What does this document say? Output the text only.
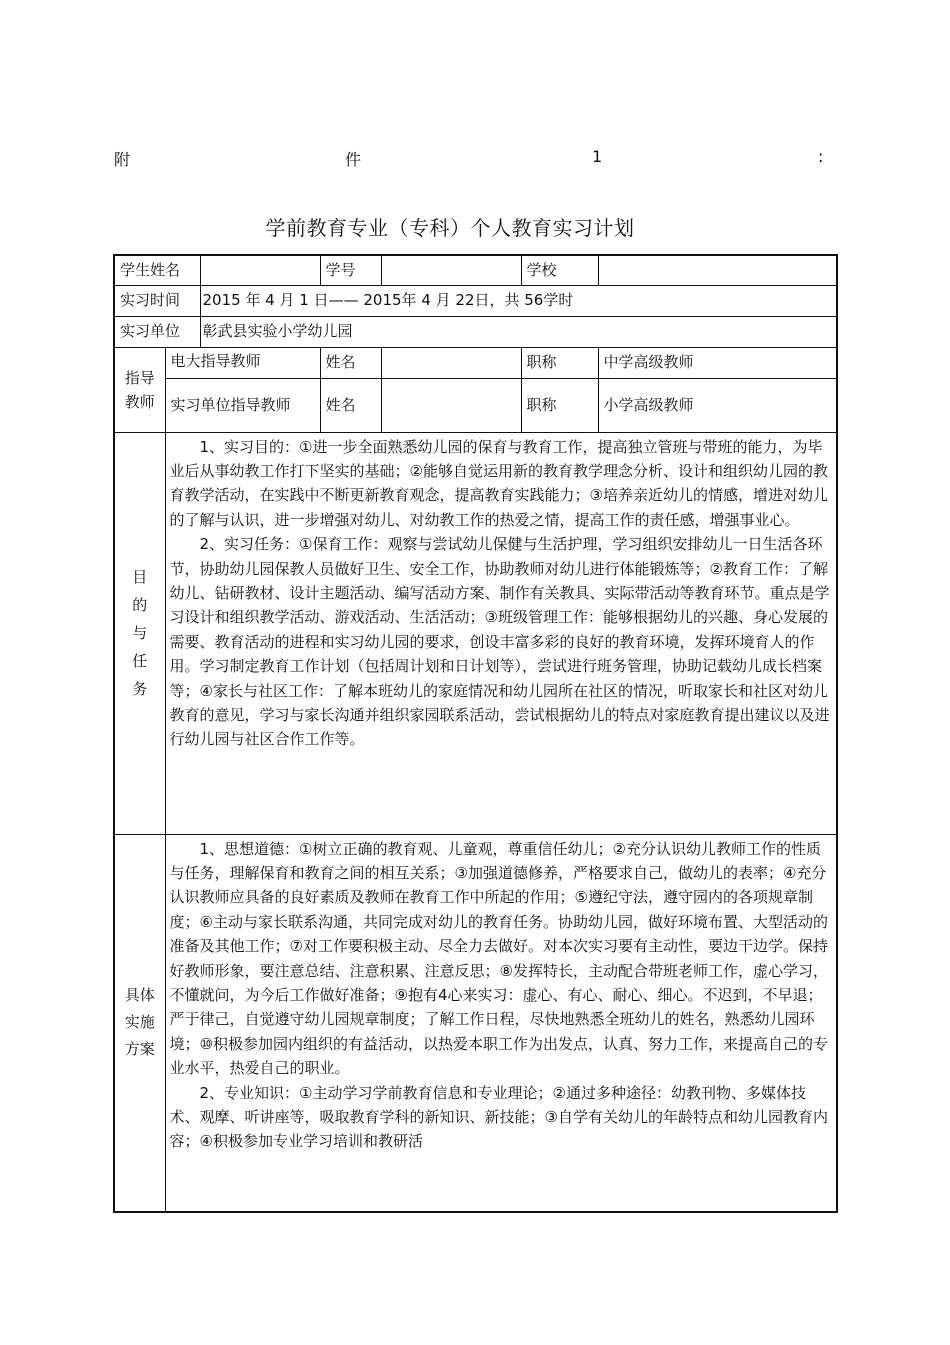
附	件	1	:
学前教育专业（专科）个人教育实习计划
学生姓名			学号		学校	
实习时间		2015 年 4 月 1 日—— 2015年 4 月 22日，共 56学时				
实习单位		彰武县实验小学幼儿园				

指导教师	电大指导教师		姓名		职称	中学高级教师

	实习单位指导教师		姓名		职称	小学高级教师

目的与任务	1、实习目的：①进一步全面熟悉幼儿园的保育与教育工作，提高独立管班与带班的能力，为毕业后从事幼教工作打下坚实的基础；②能够自觉运用新的教育教学理念分析、设计和组织幼儿园的教育教学活动，在实践中不断更新教育观念，提高教育实践能力；③培养亲近幼儿的情感，增进对幼儿的了解与认识，进一步增强对幼儿、对幼教工作的热爱之情，提高工作的责任感，增强事业心。

2、实习任务：①保育工作：观察与尝试幼儿保健与生活护理，学习组织安排幼儿一日生活各环节，协助幼儿园保教人员做好卫生、安全工作，协助教师对幼儿进行体能锻炼等；②教育工作：了解幼儿、钻研教材、设计主题活动、编写活动方案、制作有关教具、实际带活动等教育环节。重点是学习设计和组织教学活动、游戏活动、生活活动；③班级管理工作：能够根据幼儿的兴趣、身心发展的需要、教育活动的进程和实习幼儿园的要求，创设丰富多彩的良好的教育环境，发挥环境育人的作用。学习制定教育工作计划（包括周计划和日计划等），尝试进行班务管理，协助记载幼儿成长档案等；④家长与社区工作：了解本班幼儿的家庭情况和幼儿园所在社区的情况，听取家长和社区对幼儿教育的意见，学习与家长沟通并组织家园联系活动，尝试根据幼儿的特点对家庭教育提出建议以及进行幼儿园与社区合作工作等。					

具体实施方案	1、思想道德：①树立正确的教育观、儿童观，尊重信任幼儿；②充分认识幼儿教师工作的性质与任务，理解保育和教育之间的相互关系；③加强道德修养，严格要求自己，做幼儿的表率；④充分认识教师应具备的良好素质及教师在教育工作中所起的作用；⑤遵纪守法，遵守园内的各项规章制度；⑥主动与家长联系沟通，共同完成对幼儿的教育任务。协助幼儿园，做好环境布置、大型活动的准备及其他工作；⑦对工作要积极主动、尽全力去做好。对本次实习要有主动性，要边干边学。保持好教师形象，要注意总结、注意积累、注意反思；⑧发挥特长，主动配合带班老师工作，虚心学习，不懂就问，为今后工作做好准备；⑨抱有4心来实习：虚心、有心、耐心、细心。不迟到，不早退；严于律己，自觉遵守幼儿园规章制度；了解工作日程，尽快地熟悉全班幼儿的姓名，熟悉幼儿园环境；⑩积极参加园内组织的有益活动，以热爱本职工作为出发点，认真、努力工作，来提高自己的专业水平，热爱自己的职业。

2、专业知识：①主动学习学前教育信息和专业理论；②通过多种途径：幼教刊物、多媒体技术、观摩、听讲座等，吸取教育学科的新知识、新技能；③自学有关幼儿的年龄特点和幼儿园教育内容；④积极参加专业学习培训和教研活					
